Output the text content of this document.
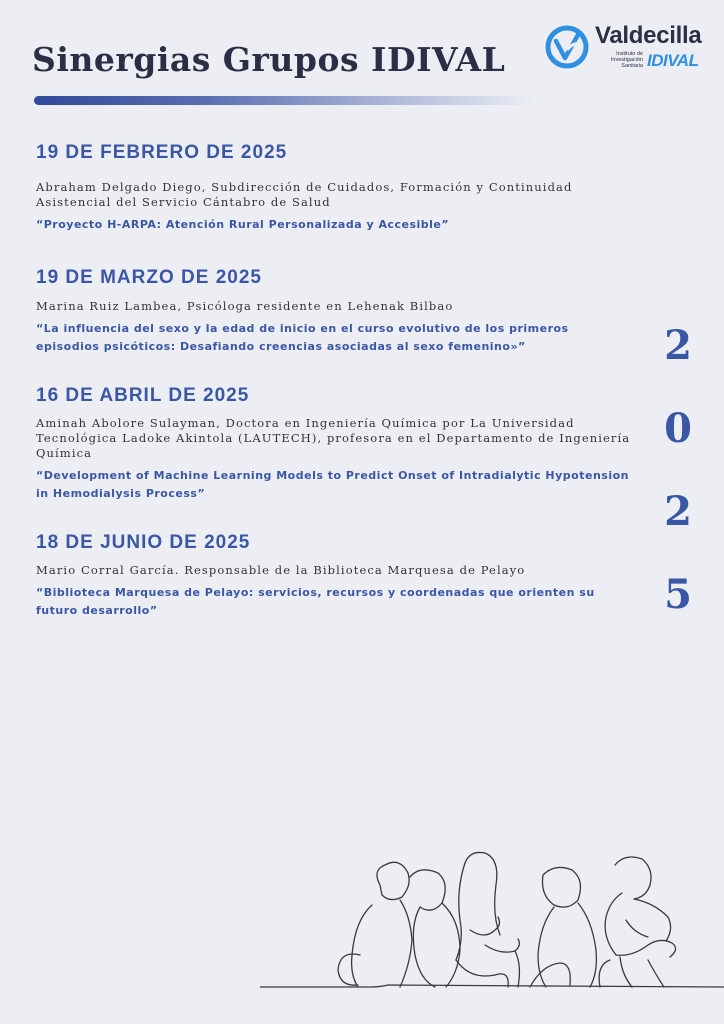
Sinergias Grupos IDIVAL
Valdecilla
Instituto de Investigación Sanitaria IDIVAL
19 DE FEBRERO DE 2025
Abraham Delgado Diego, Subdirección de Cuidados, Formación y Continuidad Asistencial del Servicio Cántabro de Salud
“Proyecto H-ARPA: Atención Rural Personalizada y Accesible”
19 DE MARZO DE 2025
Marina Ruiz Lambea, Psicóloga residente en Lehenak Bilbao
“La influencia del sexo y la edad de inicio en el curso evolutivo de los primeros episodios psicóticos: Desafiando creencias asociadas al sexo femenino»”
16 DE ABRIL DE 2025
Aminah Abolore Sulayman, Doctora en Ingeniería Química por La Universidad Tecnológica Ladoke Akintola (LAUTECH), profesora en el Departamento de Ingeniería Química
“Development of Machine Learning Models to Predict Onset of Intradialytic Hypotension in Hemodialysis Process”
18 DE JUNIO DE 2025
Mario Corral García. Responsable de la Biblioteca Marquesa de Pelayo
“Biblioteca Marquesa de Pelayo: servicios, recursos y coordenadas que orienten su futuro desarrollo”
2
0
2
5
